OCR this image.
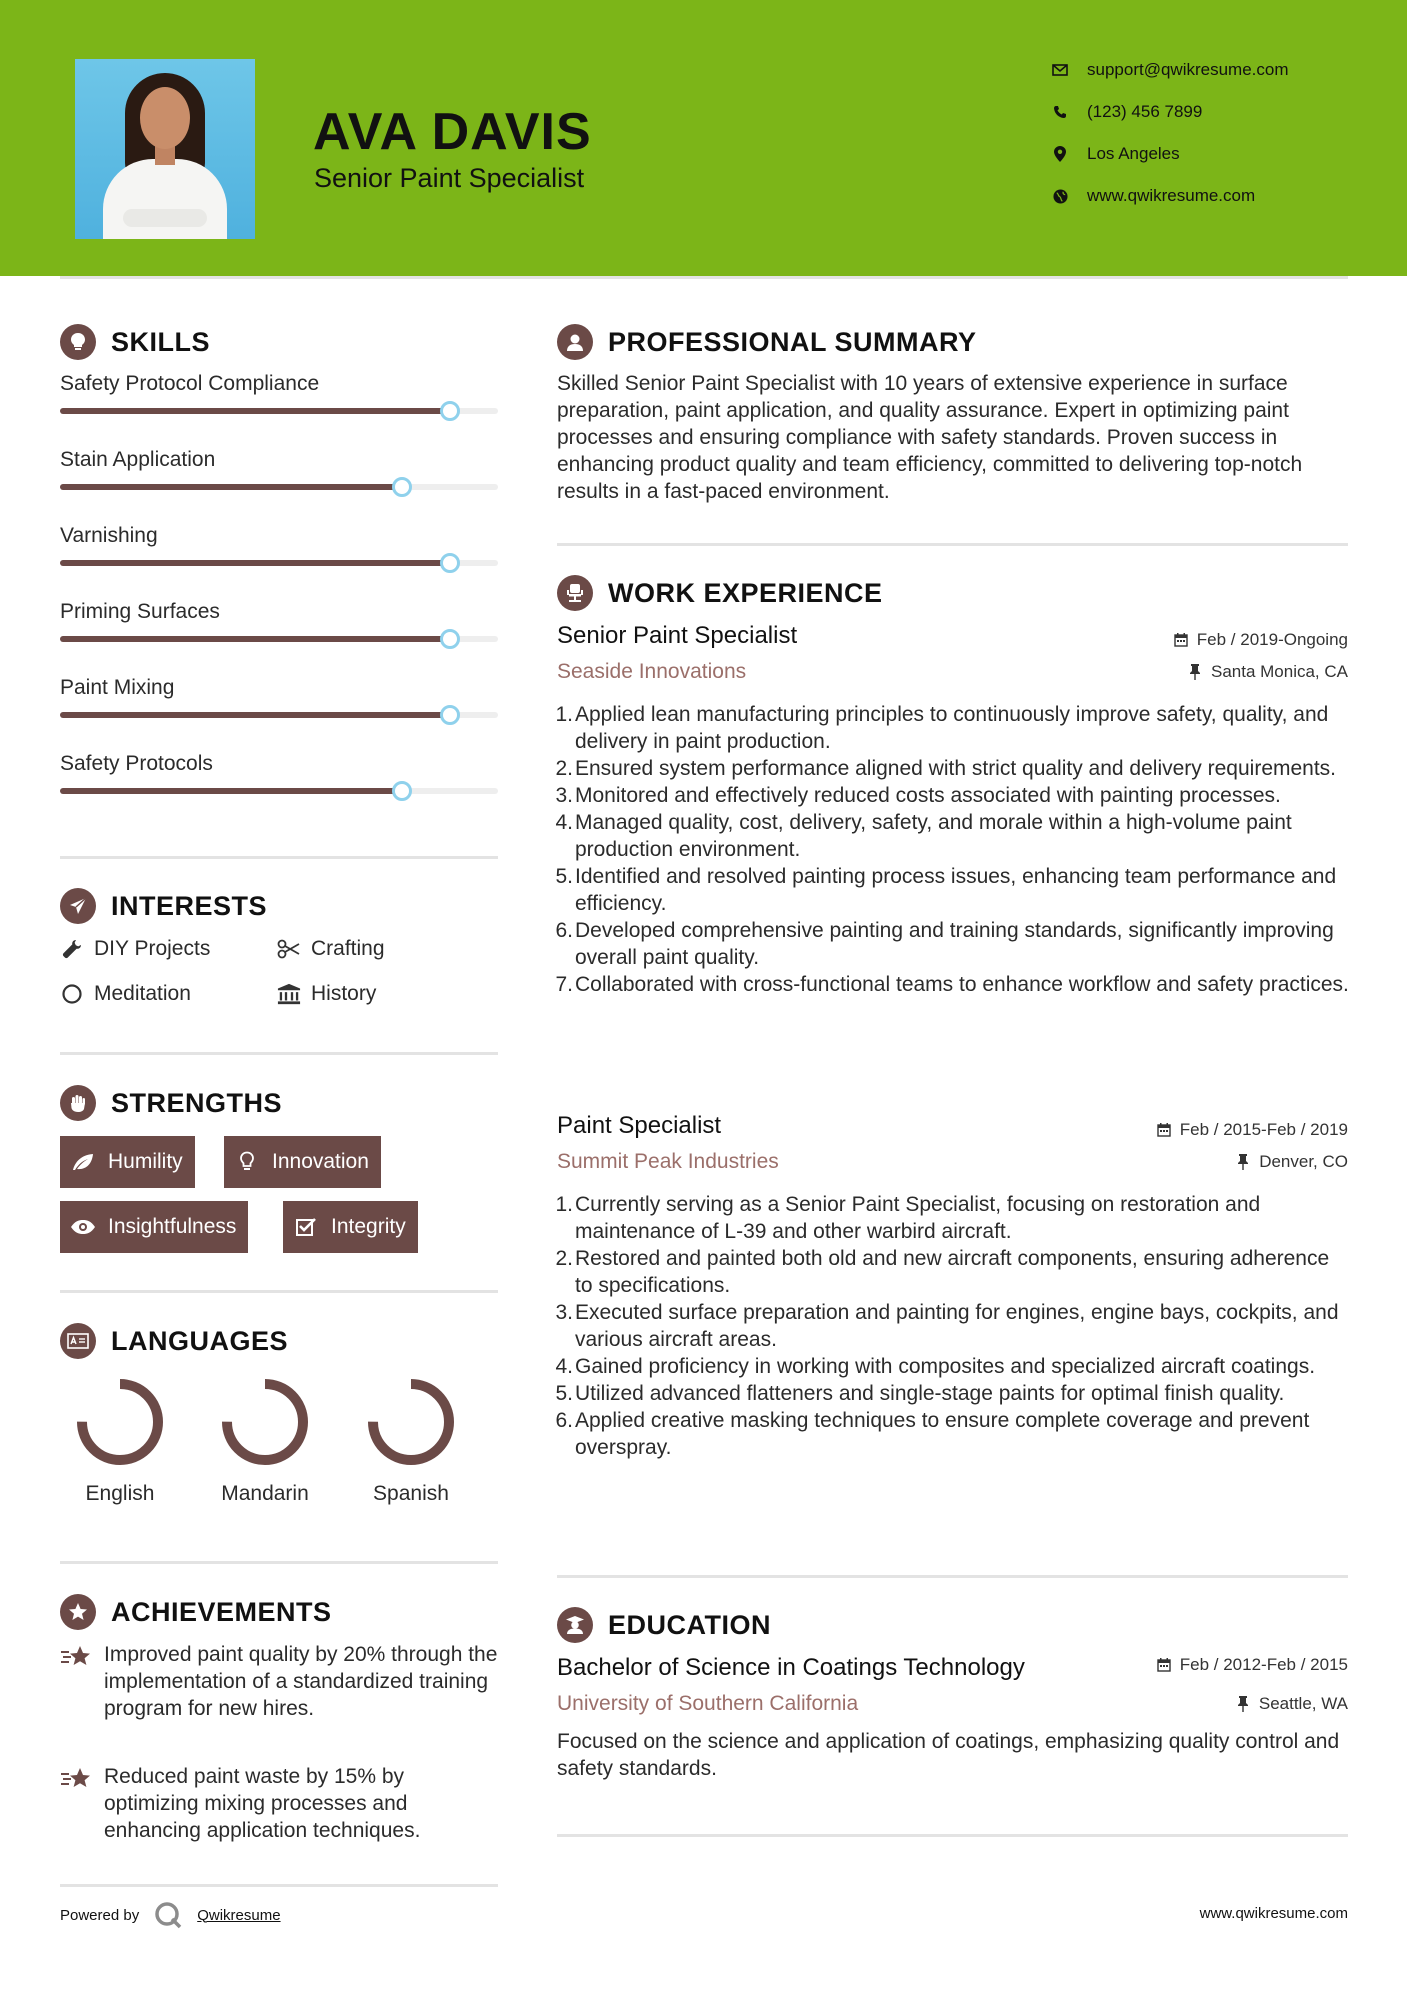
AVA DAVIS
Senior Paint Specialist
support@qwikresume.com
(123) 456 7899
Los Angeles
www.qwikresume.com
SKILLS
Safety Protocol Compliance
Stain Application
Varnishing
Priming Surfaces
Paint Mixing
Safety Protocols
INTERESTS
DIY Projects	Crafting
Meditation	History
STRENGTHS
Humility	Innovation
Insightfulness	Integrity
LANGUAGES
English	Mandarin	Spanish
ACHIEVEMENTS
Improved paint quality by 20% through the implementation of a standardized training program for new hires.
Reduced paint waste by 15% by optimizing mixing processes and enhancing application techniques.
PROFESSIONAL SUMMARY
Skilled Senior Paint Specialist with 10 years of extensive experience in surface preparation, paint application, and quality assurance. Expert in optimizing paint processes and ensuring compliance with safety standards. Proven success in enhancing product quality and team efficiency, committed to delivering top-notch results in a fast-paced environment.
WORK EXPERIENCE
Senior Paint Specialist	Feb / 2019-Ongoing
Seaside Innovations	Santa Monica, CA
1. Applied lean manufacturing principles to continuously improve safety, quality, and delivery in paint production.
2. Ensured system performance aligned with strict quality and delivery requirements.
3. Monitored and effectively reduced costs associated with painting processes.
4. Managed quality, cost, delivery, safety, and morale within a high-volume paint production environment.
5. Identified and resolved painting process issues, enhancing team performance and efficiency.
6. Developed comprehensive painting and training standards, significantly improving overall paint quality.
7. Collaborated with cross-functional teams to enhance workflow and safety practices.
Paint Specialist	Feb / 2015-Feb / 2019
Summit Peak Industries	Denver, CO
1. Currently serving as a Senior Paint Specialist, focusing on restoration and maintenance of L-39 and other warbird aircraft.
2. Restored and painted both old and new aircraft components, ensuring adherence to specifications.
3. Executed surface preparation and painting for engines, engine bays, cockpits, and various aircraft areas.
4. Gained proficiency in working with composites and specialized aircraft coatings.
5. Utilized advanced flatteners and single-stage paints for optimal finish quality.
6. Applied creative masking techniques to ensure complete coverage and prevent overspray.
EDUCATION
Bachelor of Science in Coatings Technology	Feb / 2012-Feb / 2015
University of Southern California	Seattle, WA
Focused on the science and application of coatings, emphasizing quality control and safety standards.
Powered by	Qwikresume	www.qwikresume.com
